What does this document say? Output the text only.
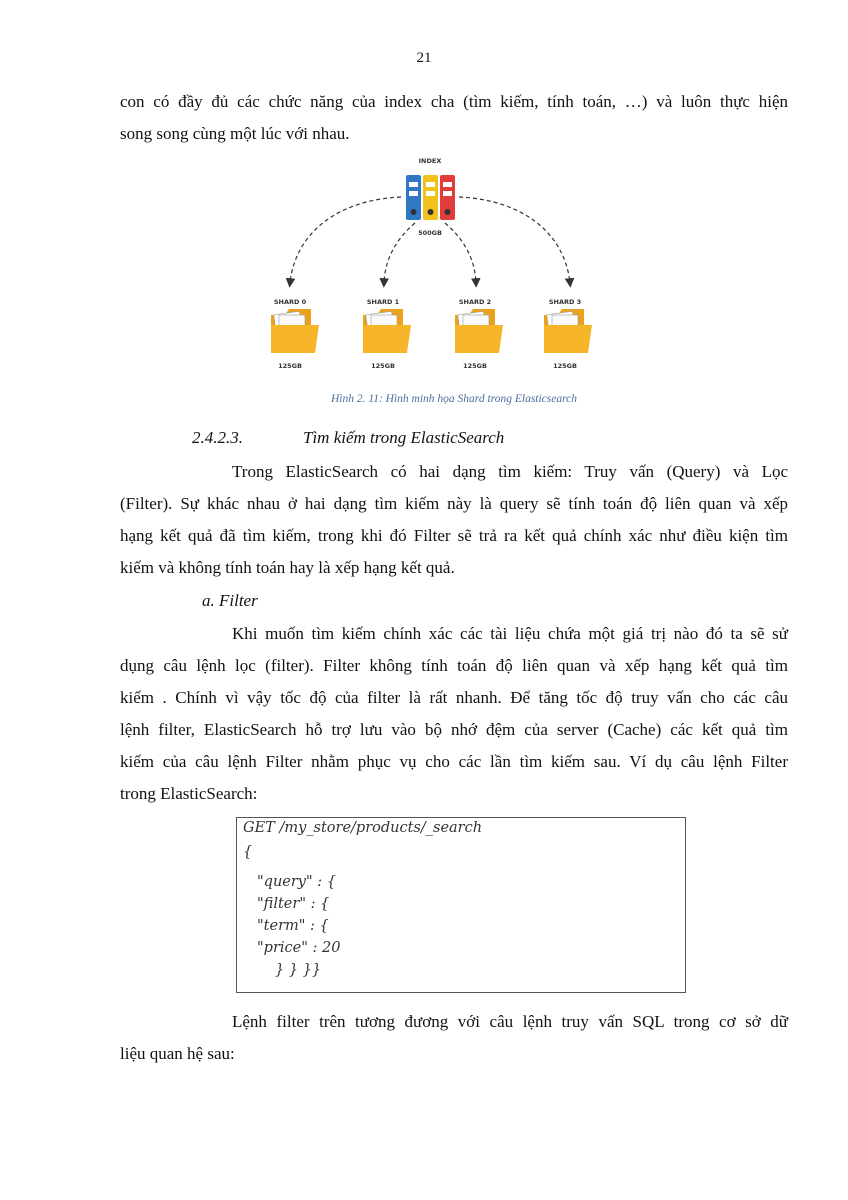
21

con có đầy đủ các chức năng của index cha (tìm kiếm, tính toán, …) và luôn thực hiện
song song cùng một lúc với nhau.

INDEX
500GB
SHARD 0
125GB
SHARD 1
125GB
SHARD 2
125GB
SHARD 3
125GB
Hình 2. 11: Hình minh họa Shard trong Elasticsearch
2.4.2.3.	Tìm kiếm trong ElasticSearch

Trong ElasticSearch có hai dạng tìm kiếm: Truy vấn (Query) và Lọc
(Filter). Sự khác nhau ở hai dạng tìm kiếm này là query sẽ tính toán độ liên quan và xếp
hạng kết quả đã tìm kiếm, trong khi đó Filter sẽ trả ra kết quả chính xác như điều kiện tìm
kiếm và không tính toán hay là xếp hạng kết quả.

a. Filter

Khi muốn tìm kiếm chính xác các tài liệu chứa một giá trị nào đó ta sẽ sử
dụng câu lệnh lọc (filter). Filter không tính toán độ liên quan và xếp hạng kết quả tìm
kiếm . Chính vì vậy tốc độ của filter là rất nhanh. Để tăng tốc độ truy vấn cho các câu
lệnh filter, ElasticSearch hỗ trợ lưu vào bộ nhớ đệm của server (Cache) các kết quả tìm
kiếm của câu lệnh Filter nhằm phục vụ cho các lần tìm kiếm sau. Ví dụ câu lệnh Filter
trong ElasticSearch:

GET /my_store/products/_search
{
"query" : {
"filter" : {
"term" : {
"price" : 20
} } }}

Lệnh filter trên tương đương với câu lệnh truy vấn SQL trong cơ sở dữ
liệu quan hệ sau:
